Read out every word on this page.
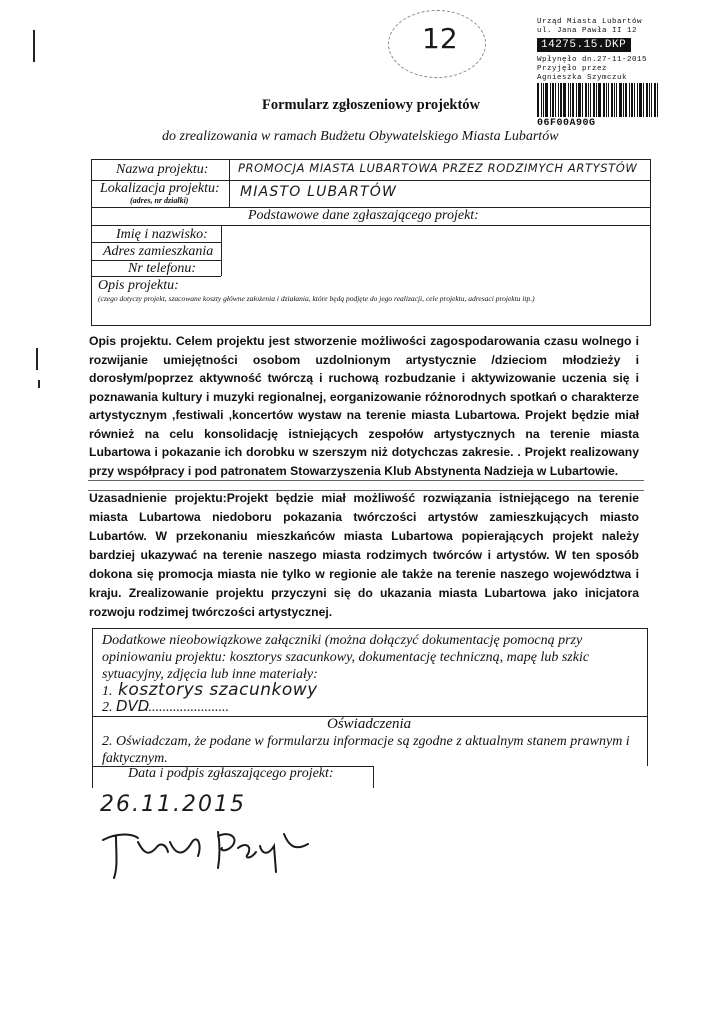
12	Urząd Miasta Lubartów
ul. Jana Pawła II 12
14275.15.DKP
Wpłynęło dn.27-11-2015
Przyjęło przez
Agnieszka Szymczuk
06F00A90G
Formularz zgłoszeniowy projektów
do zrealizowania w ramach Budżetu Obywatelskiego Miasta Lubartów
Nazwa projektu:	PROMOCJA MIASTA LUBARTOWA PRZEZ RODZIMYCH ARTYSTÓW
Lokalizacja projektu:
(adres, nr działki)
MIASTO LUBARTÓW
Podstawowe dane zgłaszającego projekt:
Imię i nazwisko:
Adres zamieszkania
Nr telefonu:
Opis projektu:
(czego dotyczy projekt, szacowane koszty główne założenia i działania, które będą podjęte do jego realizacji, cele projektu, adresaci projektu itp.)
Opis projektu. Celem projektu jest stworzenie możliwości zagospodarowania czasu wolnego i rozwijanie umiejętności osobom uzdolnionym artystycznie /dzieciom młodzieży i dorosłym/poprzez aktywność twórczą i ruchową rozbudzanie i aktywizowanie uczenia się i poznawania kultury i muzyki regionalnej, eorganizowanie różnorodnych spotkań o charakterze artystycznym ,festiwali ,koncertów wystaw na terenie miasta Lubartowa. Projekt będzie miał również na celu konsolidację istniejących zespołów artystycznych na terenie miasta Lubartowa i pokazanie ich dorobku w szerszym niż dotychczas zakresie. . Projekt realizowany przy współpracy i pod patronatem Stowarzyszenia Klub Abstynenta Nadzieja w Lubartowie.
Uzasadnienie projektu:Projekt będzie miał możliwość rozwiązania istniejącego na terenie miasta Lubartowa niedoboru pokazania twórczości artystów zamieszkujących miasto Lubartów. W przekonaniu mieszkańców miasta Lubartowa popierających projekt należy bardziej ukazywać na terenie naszego miasta rodzimych twórców i artystów. W ten sposób dokona się promocja miasta nie tylko w regionie ale także na terenie naszego województwa i kraju. Zrealizowanie projektu przyczyni się do ukazania miasta Lubartowa jako inicjatora rozwoju rodzimej twórczości artystycznej.
Dodatkowe nieobowiązkowe załączniki (można dołączyć dokumentację pomocną przy opiniowaniu projektu: kosztorys szacunkowy, dokumentację techniczną, mapę lub szkic sytuacyjny, zdjęcia lub inne materiały:
1. kosztorys szacunkowy
2. DVD
........................
Oświadczenia
2. Oświadczam, że podane w formularzu informacje są zgodne z aktualnym stanem prawnym i faktycznym.
Data i podpis zgłaszającego projekt:
26.11.2015
